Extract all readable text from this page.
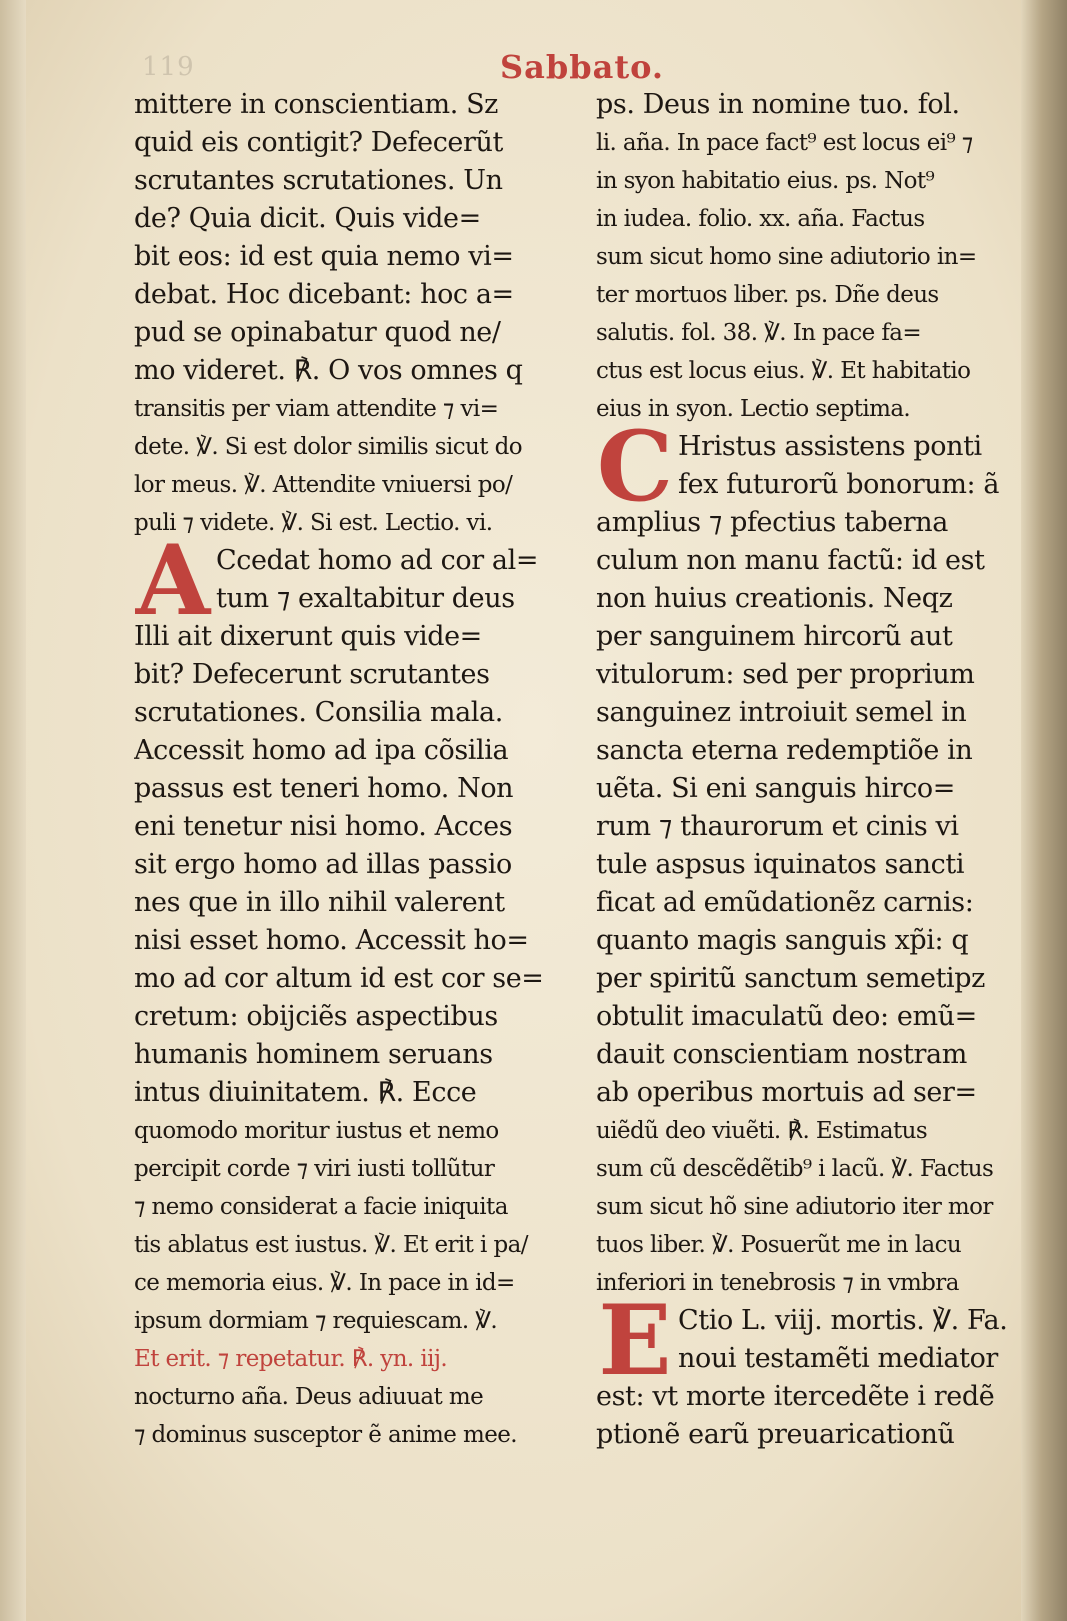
119	Sabbato.
mittere in conscientiam. Sz
quid eis contigit? Defecerũt
scrutantes scrutationes. Un
de? Quia dicit. Quis vide=
bit eos: id est quia nemo vi=
debat. Hoc dicebant: hoc a=
pud se opinabatur quod ne/
mo videret. ℟. O vos omnes q
transitis per viam attendite ⁊ vi=
dete. ℣. Si est dolor similis sicut do
lor meus. ℣. Attendite vniuersi po/
puli ⁊ videte. ℣. Si est. Lectio. vi.
A Ccedat homo ad cor al=
tum ⁊ exaltabitur deus
Illi ait dixerunt quis vide=
bit? Defecerunt scrutantes
scrutationes. Consilia mala.
Accessit homo ad ipa cõsilia
passus est teneri homo. Non
eni tenetur nisi homo. Acces
sit ergo homo ad illas passio
nes que in illo nihil valerent
nisi esset homo. Accessit ho=
mo ad cor altum id est cor se=
cretum: obijciẽs aspectibus
humanis hominem seruans
intus diuinitatem. ℟. Ecce
quomodo moritur iustus et nemo
percipit corde ⁊ viri iusti tollũtur
⁊ nemo considerat a facie iniquita
tis ablatus est iustus. ℣. Et erit i pa/
ce memoria eius. ℣. In pace in id=
ipsum dormiam ⁊ requiescam. ℣.
Et erit. ⁊ repetatur. ℟. yn. iij.
nocturno aña. Deus adiuuat me
⁊ dominus susceptor ẽ anime mee.
ps. Deus in nomine tuo. fol.
li. aña. In pace fact⁹ est locus ei⁹ ⁊
in syon habitatio eius. ps. Not⁹
in iudea. folio. xx. aña. Factus
sum sicut homo sine adiutorio in=
ter mortuos liber. ps. Dñe deus
salutis. fol. 38. ℣. In pace fa=
ctus est locus eius. ℣. Et habitatio
eius in syon. Lectio septima.
C Hristus assistens ponti
fex futurorũ bonorum: ã
amplius ⁊ pfectius taberna
culum non manu factũ: id est
non huius creationis. Neqz
per sanguinem hircorũ aut
vitulorum: sed per proprium
sanguinez introiuit semel in
sancta eterna redemptiõe in
uẽta. Si eni sanguis hirco=
rum ⁊ thaurorum et cinis vi
tule aspsus iquinatos sancti
ficat ad emũdationẽz carnis:
quanto magis sanguis xp̃i: q
per spiritũ sanctum semetipz
obtulit imaculatũ deo: emũ=
dauit conscientiam nostram
ab operibus mortuis ad ser=
uiẽdũ deo viuẽti. ℟. Estimatus
sum cũ descẽdẽtib⁹ i lacũ. ℣. Factus
sum sicut hõ sine adiutorio iter mor
tuos liber. ℣. Posuerũt me in lacu
inferiori in tenebrosis ⁊ in vmbra
E Ctio L. viij. mortis. ℣. Fa.
noui testamẽti mediator
est: vt morte itercedẽte i redẽ
ptionẽ earũ preuaricationũ
